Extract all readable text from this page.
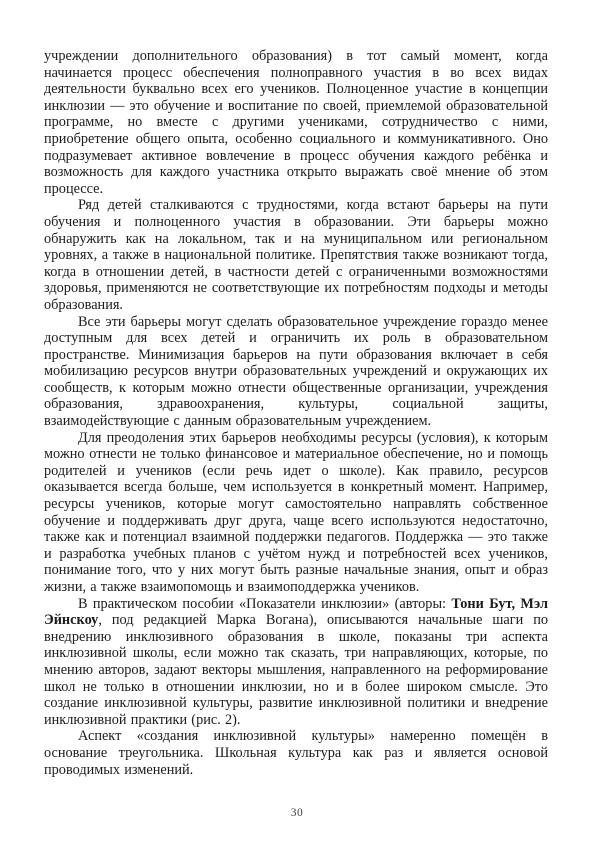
учреждении дополнительного образования) в тот самый момент, когда начинается процесс обеспечения полноправного участия в во всех видах деятельности буквально всех его учеников. Полноценное участие в концепции инклюзии — это обучение и воспитание по своей, приемлемой образовательной программе, но вместе с другими учениками, сотрудничество с ними, приобретение общего опыта, особенно социального и коммуникативного. Оно подразумевает активное вовлечение в процесс обучения каждого ребёнка и возможность для каждого участника открыто выражать своё мнение об этом процессе.

Ряд детей сталкиваются с трудностями, когда встают барьеры на пути обучения и полноценного участия в образовании. Эти барьеры можно обнаружить как на локальном, так и на муниципальном или региональном уровнях, а также в национальной политике. Препятствия также возникают тогда, когда в отношении детей, в частности детей с ограниченными возможностями здоровья, применяются не соответствующие их потребностям подходы и методы образования.

Все эти барьеры могут сделать образовательное учреждение гораздо менее доступным для всех детей и ограничить их роль в образовательном пространстве. Минимизация барьеров на пути образования включает в себя мобилизацию ресурсов внутри образовательных учреждений и окружающих их сообществ, к которым можно отнести общественные организации, учреждения образования, здравоохранения, культуры, социальной защиты, взаимодействующие с данным образовательным учреждением.

Для преодоления этих барьеров необходимы ресурсы (условия), к которым можно отнести не только финансовое и материальное обеспечение, но и помощь родителей и учеников (если речь идет о школе). Как правило, ресурсов оказывается всегда больше, чем используется в конкретный момент. Например, ресурсы учеников, которые могут самостоятельно направлять собственное обучение и поддерживать друг друга, чаще всего используются недостаточно, также как и потенциал взаимной поддержки педагогов. Поддержка — это также и разработка учебных планов с учётом нужд и потребностей всех учеников, понимание того, что у них могут быть разные начальные знания, опыт и образ жизни, а также взаимопомощь и взаимоподдержка учеников.

В практическом пособии «Показатели инклюзии» (авторы: Тони Бут, Мэл Эйнскоу, под редакцией Марка Вогана), описываются начальные шаги по внедрению инклюзивного образования в школе, показаны три аспекта инклюзивной школы, если можно так сказать, три направляющих, которые, по мнению авторов, задают векторы мышления, направленного на реформирование школ не только в отношении инклюзии, но и в более широком смысле. Это создание инклюзивной культуры, развитие инклюзивной политики и внедрение инклюзивной практики (рис. 2).

Аспект «создания инклюзивной культуры» намеренно помещён в основание треугольника. Школьная культура как раз и является основой проводимых изменений.

30
